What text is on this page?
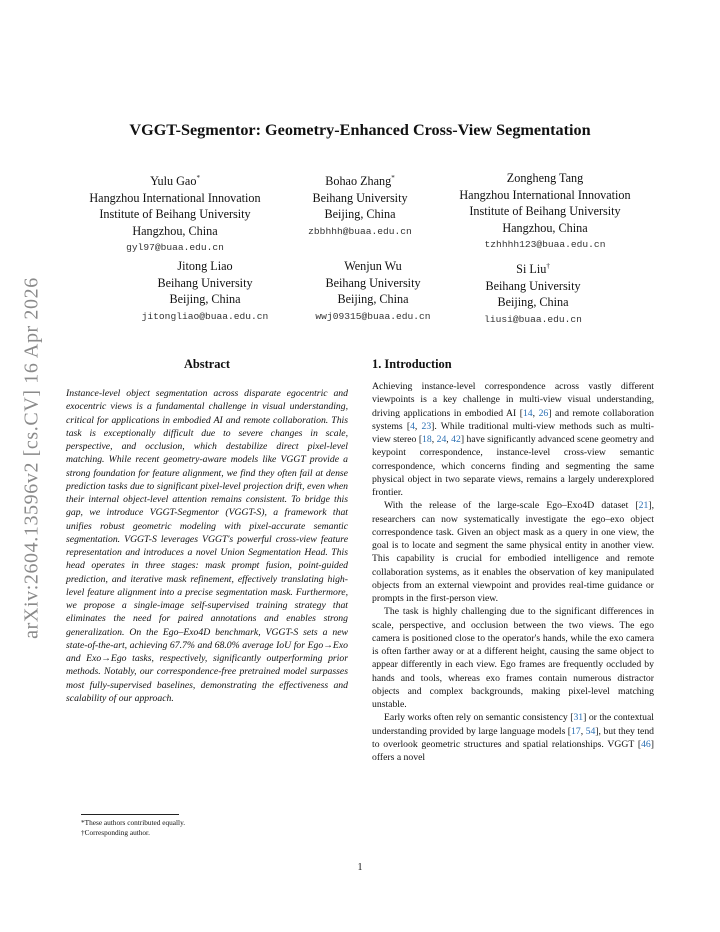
arXiv:2604.13596v2 [cs.CV] 16 Apr 2026
VGGT-Segmentor: Geometry-Enhanced Cross-View Segmentation
Yulu Gao*
Hangzhou International Innovation
Institute of Beihang University
Hangzhou, China
gyl97@buaa.edu.cn
Bohao Zhang*
Beihang University
Beijing, China
zbbhhh@buaa.edu.cn
Zongheng Tang
Hangzhou International Innovation
Institute of Beihang University
Hangzhou, China
tzhhhh123@buaa.edu.cn
Jitong Liao
Beihang University
Beijing, China
jitongliao@buaa.edu.cn
Wenjun Wu
Beihang University
Beijing, China
wwj09315@buaa.edu.cn
Si Liu†
Beihang University
Beijing, China
liusi@buaa.edu.cn
Abstract

Instance-level object segmentation across disparate egocentric and exocentric views is a fundamental challenge in visual understanding, critical for applications in embodied AI and remote collaboration. This task is exceptionally difficult due to severe changes in scale, perspective, and occlusion, which destabilize direct pixel-level matching. While recent geometry-aware models like VGGT provide a strong foundation for feature alignment, we find they often fail at dense prediction tasks due to significant pixel-level projection drift, even when their internal object-level attention remains consistent. To bridge this gap, we introduce VGGT-Segmentor (VGGT-S), a framework that unifies robust geometric modeling with pixel-accurate semantic segmentation. VGGT-S leverages VGGT's powerful cross-view feature representation and introduces a novel Union Segmentation Head. This head operates in three stages: mask prompt fusion, point-guided prediction, and iterative mask refinement, effectively translating high-level feature alignment into a precise segmentation mask. Furthermore, we propose a single-image self-supervised training strategy that eliminates the need for paired annotations and enables strong generalization. On the Ego–Exo4D benchmark, VGGT-S sets a new state-of-the-art, achieving 67.7% and 68.0% average IoU for Ego→Exo and Exo→Ego tasks, respectively, significantly outperforming prior methods. Notably, our correspondence-free pretrained model surpasses most fully-supervised baselines, demonstrating the effectiveness and scalability of our approach.

*These authors contributed equally.

†Corresponding author.

1. Introduction

Achieving instance-level correspondence across vastly different viewpoints is a key challenge in multi-view visual understanding, driving applications in embodied AI [14, 26] and remote collaboration systems [4, 23]. While traditional multi-view methods such as multi-view stereo [18, 24, 42] have significantly advanced scene geometry and keypoint correspondence, instance-level cross-view semantic correspondence, which concerns finding and segmenting the same physical object in two separate views, remains a largely underexplored frontier.

With the release of the large-scale Ego–Exo4D dataset [21], researchers can now systematically investigate the ego–exo object correspondence task. Given an object mask as a query in one view, the goal is to locate and segment the same physical entity in another view. This capability is crucial for embodied intelligence and remote collaboration systems, as it enables the observation of key manipulated objects from an external viewpoint and provides real-time guidance or prompts in the first-person view.

The task is highly challenging due to the significant differences in scale, perspective, and occlusion between the two views. The ego camera is positioned close to the operator's hands, while the exo camera is often farther away or at a different height, causing the same object to appear differently in each view. Ego frames are frequently occluded by hands and tools, whereas exo frames contain numerous distractor objects and complex backgrounds, making pixel-level matching unstable.

Early works often rely on semantic consistency [31] or the contextual understanding provided by large language models [17, 54], but they tend to overlook geometric structures and spatial relationships. VGGT [46] offers a novel

1
